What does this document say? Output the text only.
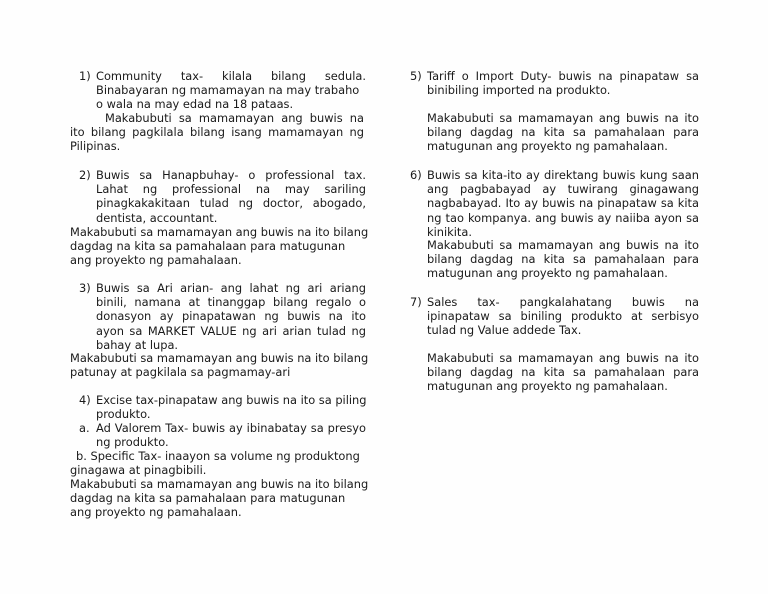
1) Community tax- kilala bilang sedula.
Binabayaran ng mamamayan na may trabaho
o wala na may edad na 18 pataas.

Makabubuti sa mamamayan ang buwis na ito bilang pagkilala bilang isang mamamayan ng Pilipinas.

2) Buwis sa Hanapbuhay- o professional tax. Lahat ng professional na may sariling pinagkakakitaan tulad ng doctor, abogado, dentista, accountant.

Makabubuti sa mamamayan ang buwis na ito bilang dagdag na kita sa pamahalaan para matugunan ang proyekto ng pamahalaan.

3) Buwis sa Ari arian- ang lahat ng ari ariang binili, namana at tinanggap bilang regalo o donasyon ay pinapatawan ng buwis na ito ayon sa MARKET VALUE ng ari arian tulad ng bahay at lupa.

Makabubuti sa mamamayan ang buwis na ito bilang patunay at pagkilala sa pagmamay-ari

4) Excise tax-pinapataw ang buwis na ito sa piling produkto.

a. Ad Valorem Tax- buwis ay ibinabatay sa presyo ng produkto.

b. Specific Tax- inaayon sa volume ng produktong
ginagawa at pinagbibili.

Makabubuti sa mamamayan ang buwis na ito bilang dagdag na kita sa pamahalaan para matugunan ang proyekto ng pamahalaan.

5) Tariff o Import Duty- buwis na pinapataw sa binibiling imported na produkto.

Makabubuti sa mamamayan ang buwis na ito bilang dagdag na kita sa pamahalaan para matugunan ang proyekto ng pamahalaan.

6) Buwis sa kita-ito ay direktang buwis kung saan ang pagbabayad ay tuwirang ginagawang nagbabayad. Ito ay buwis na pinapataw sa kita ng tao kompanya. ang buwis ay naiiba ayon sa kinikita.

Makabubuti sa mamamayan ang buwis na ito bilang dagdag na kita sa pamahalaan para matugunan ang proyekto ng pamahalaan.

7) Sales tax- pangkalahatang buwis na ipinapataw sa biniling produkto at serbisyo tulad ng Value addede Tax.

Makabubuti sa mamamayan ang buwis na ito bilang dagdag na kita sa pamahalaan para matugunan ang proyekto ng pamahalaan.
